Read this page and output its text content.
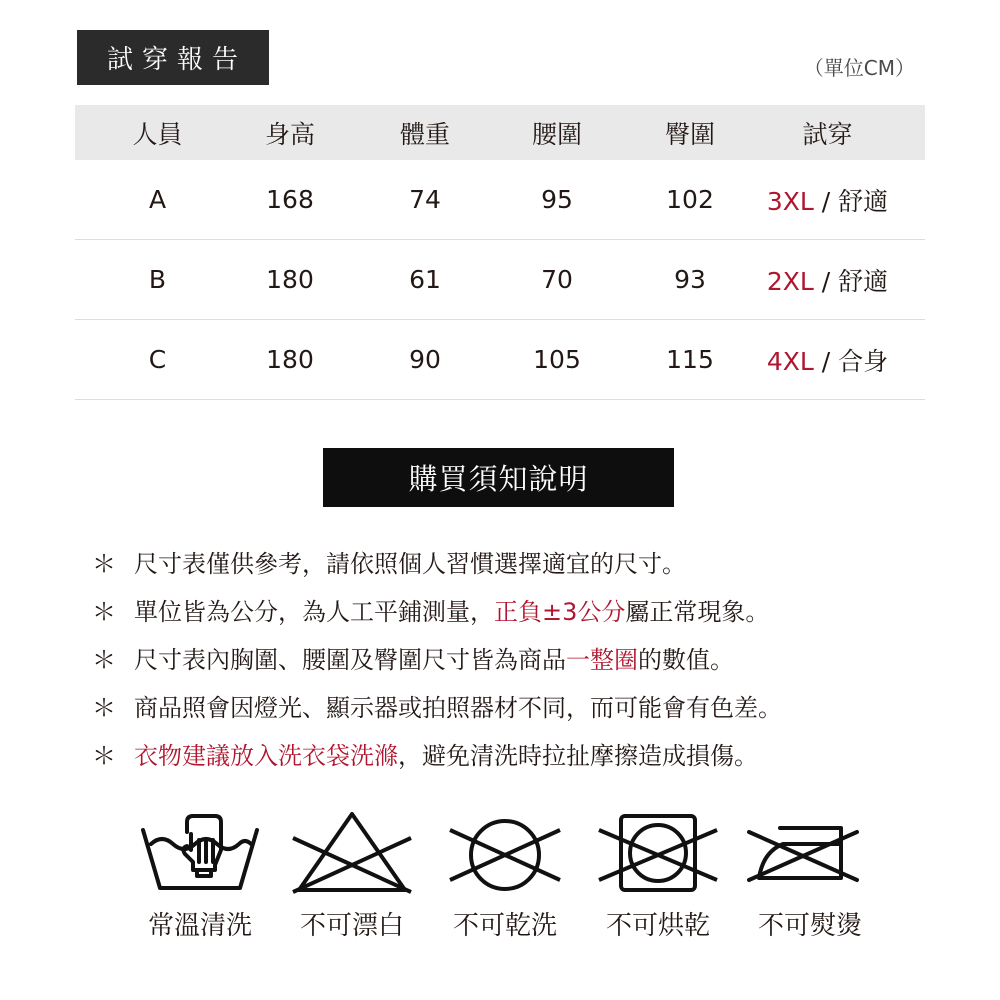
試穿報告	（單位CM）
人員	身高	體重	腰圍	臀圍	試穿
A	168	74	95	102	3XL / 舒適
B	180	61	70	93	2XL / 舒適
C	180	90	105	115	4XL / 合身
購買須知說明
＊ 尺寸表僅供參考，請依照個人習慣選擇適宜的尺寸。
＊ 單位皆為公分，為人工平鋪測量， 正負±3公分 屬正常現象。
＊ 尺寸表內胸圍、腰圍及臀圍尺寸皆為商品 一整圈 的數值。
＊ 商品照會因燈光、顯示器或拍照器材不同，而可能會有色差。
＊ 衣物建議放入洗衣袋洗滌 ，避免清洗時拉扯摩擦造成損傷。
常溫清洗	不可漂白	不可乾洗	不可烘乾	不可熨燙
